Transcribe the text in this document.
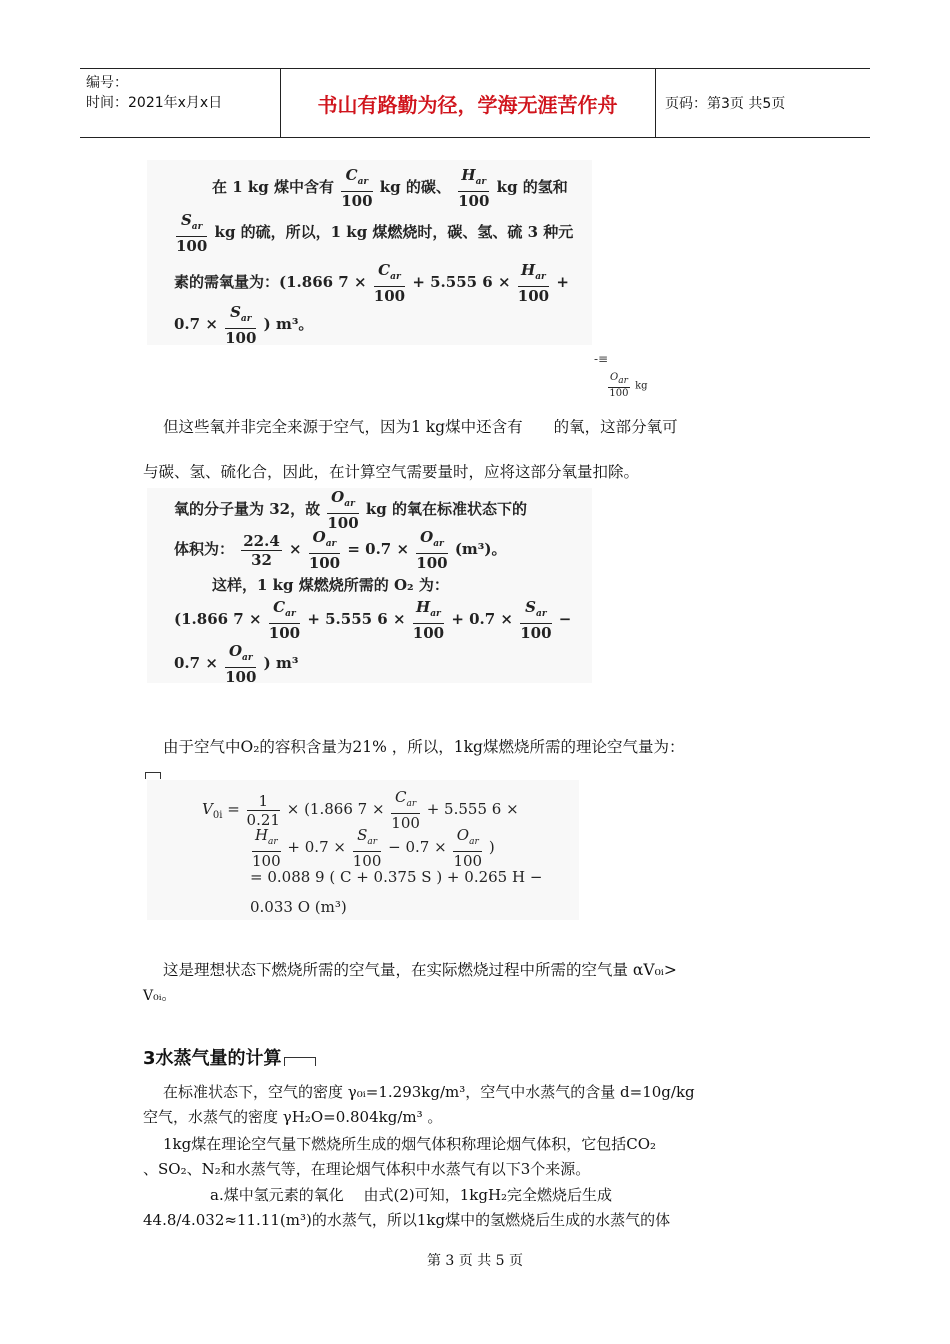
编号：
时间：2021年x月x日	书山有路勤为径，学海无涯苦作舟	页码：第3页 共5页
在 1 kg 煤中含有 $\frac{C_{ar}}{100}$ kg 的碳、 $\frac{H_{ar}}{100}$ kg 的氢和
$\frac{S_{ar}}{100}$ kg 的硫，所以，1 kg 煤燃烧时，碳、氢、硫 3 种元
素的需氧量为：(1.866 $7 \times \frac{C_{ar}}{100} + 5.555$ $6 \times \frac{H_{ar}}{100}$ +
$0.7 \times \frac{S_{ar}}{100}$ ) m³。
-≡
$\frac{O_{ar}}{100}$ kg
但这些氧并非完全来源于空气，因为1 kg煤中还含有　　的氧，这部分氧可
与碳、氢、硫化合，因此，在计算空气需要量时，应将这部分氧量扣除。
氧的分子量为 32，故 $\frac{O_{ar}}{100}$ kg 的氧在标准状态下的
体积为： $\frac{22.4}{32} \times \frac{O_{ar}}{100} = 0.7 \times \frac{O_{ar}}{100} (m^3)$。
这样，1 kg 煤燃烧所需的 O₂ 为：
(1.866 $7 \times \frac{C_{ar}}{100} + 5.555$ $6 \times \frac{H_{ar}}{100} + 0.7 \times \frac{S_{ar}}{100}$ −
$0.7 \times \frac{O_{ar}}{100}$ ) m³
由于空气中O₂的容积含量为21% ，所以，1kg煤燃烧所需的理论空气量为：
$V_{0i} = \frac{1}{0.21} \times (1.866$ $7 \times \frac{C_{ar}}{100} + 5.555$ 6 ×
$\frac{H_{ar}}{100} + 0.7 \times \frac{S_{ar}}{100} - 0.7 \times \frac{O_{ar}}{100}$ )
= 0.088 9 ( C + 0.375 S ) + 0.265 H −
0.033 O (m³)
这是理想状态下燃烧所需的空气量，在实际燃烧过程中所需的空气量 αV₀ᵢ>
V₀ᵢ。
3水蒸气量的计算
在标准状态下，空气的密度 γ₀ᵢ=1.293kg/m³，空气中水蒸气的含量 d=10g/kg
空气，水蒸气的密度 γH₂O=0.804kg/m³ 。
1kg煤在理论空气量下燃烧所生成的烟气体积称理论烟气体积，它包括CO₂
、SO₂、N₂和水蒸气等，在理论烟气体积中水蒸气有以下3个来源。
a.煤中氢元素的氧化　 由式(2)可知，1kgH₂完全燃烧后生成
44.8/4.032≈11.11(m³)的水蒸气，所以1kg煤中的氢燃烧后生成的水蒸气的体
第 3 页 共 5 页
